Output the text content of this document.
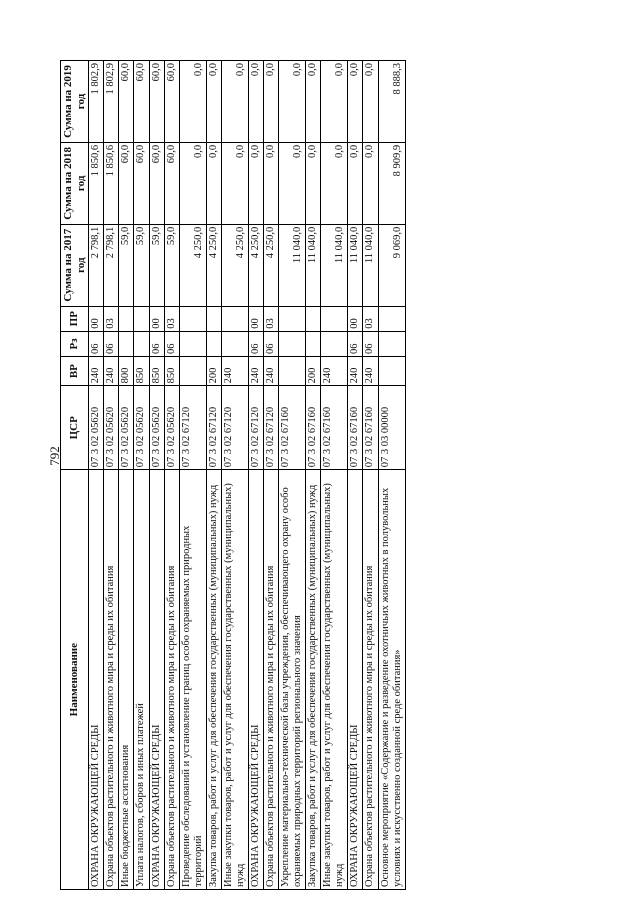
792
Наименование	ЦСР	ВР	Рз	ПР	Сумма на 2017 год	Сумма на 2018 год	Сумма на 2019 год
ОХРАНА ОКРУЖАЮЩЕЙ СРЕДЫ	07 3 02 05620	240	06	00	2 798,1	1 850,6	1 802,9
Охрана объектов растительного и животного мира и среды их обитания	07 3 02 05620	240	06	03	2 798,1	1 850,6	1 802,9
Иные бюджетные ассигнования	07 3 02 05620	800			59,0	60,0	60,0
Уплата налогов, сборов и иных платежей	07 3 02 05620	850			59,0	60,0	60,0
ОХРАНА ОКРУЖАЮЩЕЙ СРЕДЫ	07 3 02 05620	850	06	00	59,0	60,0	60,0
Охрана объектов растительного и животного мира и среды их обитания	07 3 02 05620	850	06	03	59,0	60,0	60,0
Проведение обследований и установление границ особо охраняемых природных территорий	07 3 02 67120				4 250,0	0,0	0,0
Закупка товаров, работ и услуг для обеспечения государственных (муниципальных) нужд	07 3 02 67120	200			4 250,0	0,0	0,0
Иные закупки товаров, работ и услуг для обеспечения государственных (муниципальных) нужд	07 3 02 67120	240			4 250,0	0,0	0,0
ОХРАНА ОКРУЖАЮЩЕЙ СРЕДЫ	07 3 02 67120	240	06	00	4 250,0	0,0	0,0
Охрана объектов растительного и животного мира и среды их обитания	07 3 02 67120	240	06	03	4 250,0	0,0	0,0
Укрепление материально-технической базы учреждения, обеспечивающего охрану особо охраняемых природных территорий регионального значения	07 3 02 67160				11 040,0	0,0	0,0
Закупка товаров, работ и услуг для обеспечения государственных (муниципальных) нужд	07 3 02 67160	200			11 040,0	0,0	0,0
Иные закупки товаров, работ и услуг для обеспечения государственных (муниципальных) нужд	07 3 02 67160	240			11 040,0	0,0	0,0
ОХРАНА ОКРУЖАЮЩЕЙ СРЕДЫ	07 3 02 67160	240	06	00	11 040,0	0,0	0,0
Охрана объектов растительного и животного мира и среды их обитания	07 3 02 67160	240	06	03	11 040,0	0,0	0,0
Основное мероприятие «Содержание и разведение охотничьих животных в полувольных условиях и искусственно созданной среде обитания»	07 3 03 00000				9 069,0	8 909,9	8 888,3
